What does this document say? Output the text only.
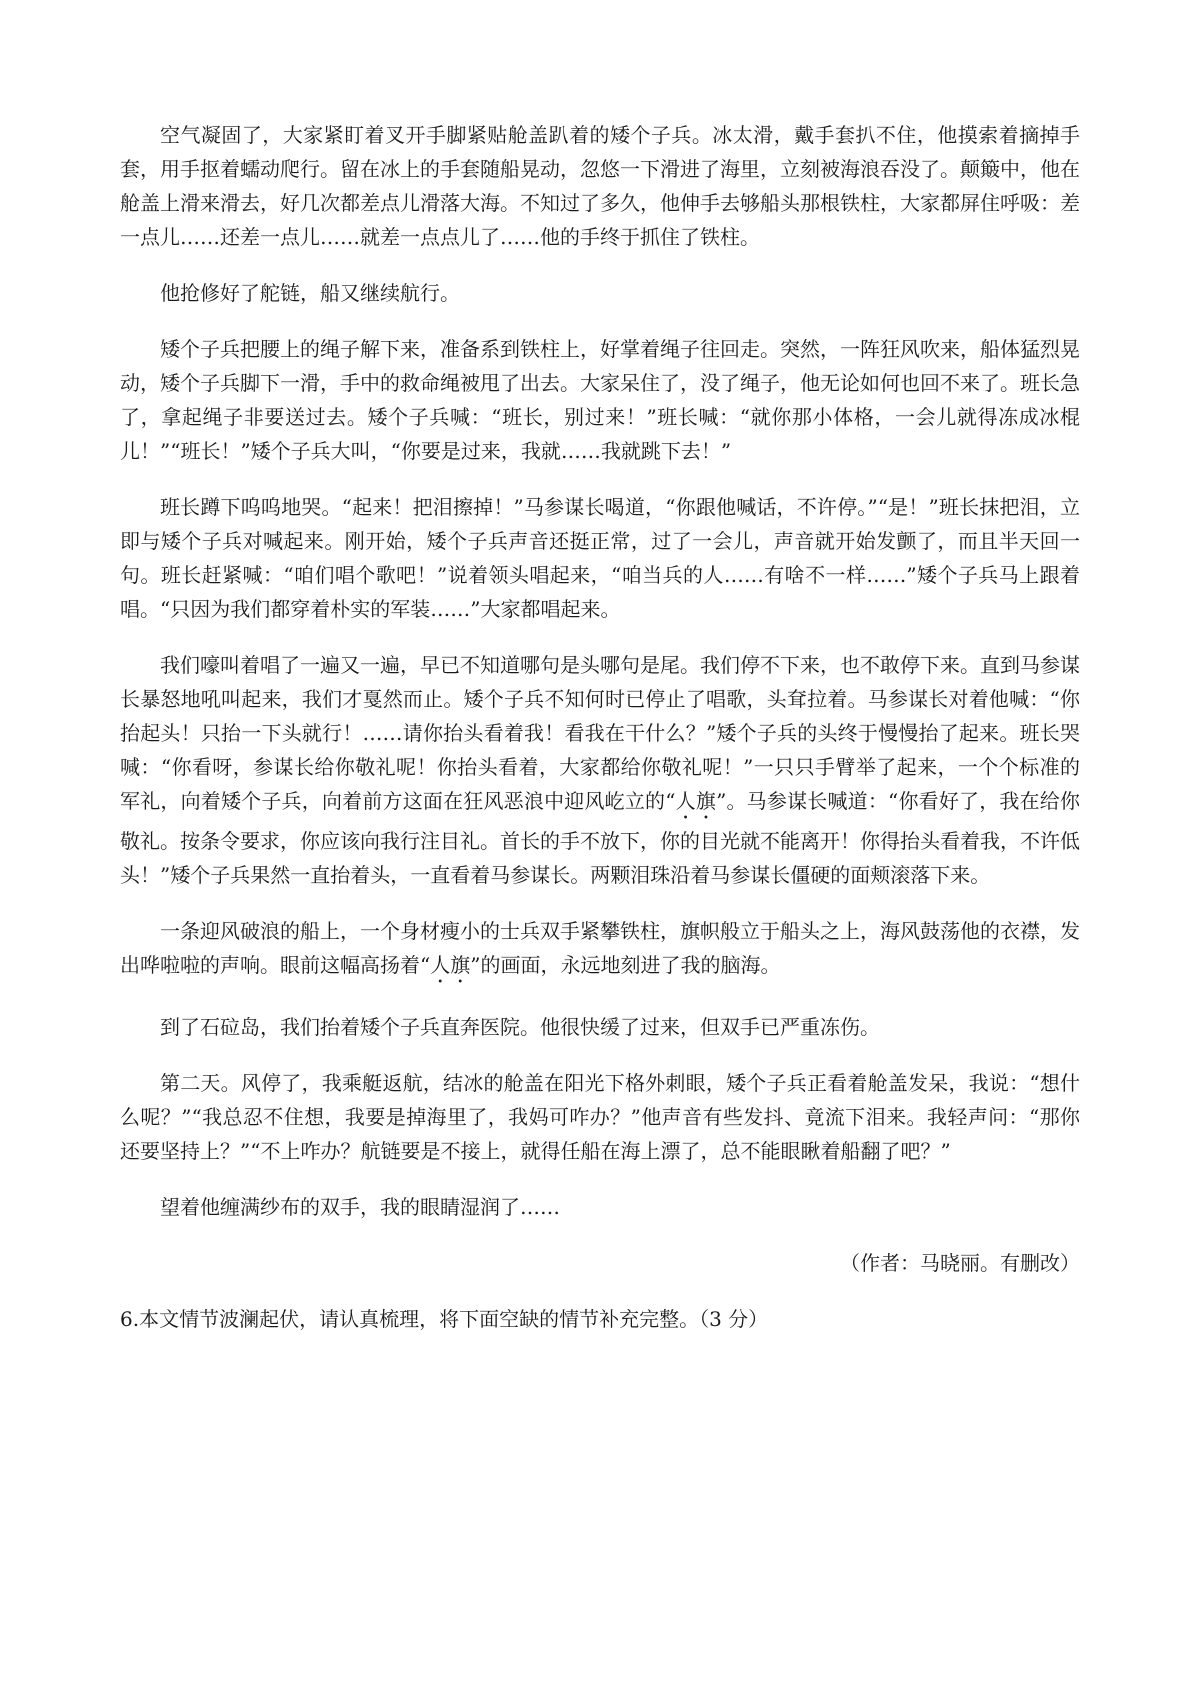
空气凝固了，大家紧盯着叉开手脚紧贴舱盖趴着的矮个子兵。冰太滑，戴手套扒不住，他摸索着摘掉手套，用手抠着蠕动爬行。留在冰上的手套随船晃动，忽悠一下滑进了海里，立刻被海浪吞没了。颠簸中，他在舱盖上滑来滑去，好几次都差点儿滑落大海。不知过了多久，他伸手去够船头那根铁柱，大家都屏住呼吸：差一点儿……还差一点儿……就差一点点儿了……他的手终于抓住了铁柱。

他抢修好了舵链，船又继续航行。

矮个子兵把腰上的绳子解下来，准备系到铁柱上，好掌着绳子往回走。突然，一阵狂风吹来，船体猛烈晃动，矮个子兵脚下一滑，手中的救命绳被甩了出去。大家呆住了，没了绳子，他无论如何也回不来了。班长急了，拿起绳子非要送过去。矮个子兵喊：“班长，别过来！”班长喊：“就你那小体格，一会儿就得冻成冰棍儿！”“班长！”矮个子兵大叫，“你要是过来，我就……我就跳下去！”

班长蹲下呜呜地哭。“起来！把泪擦掉！”马参谋长喝道，“你跟他喊话，不许停。”“是！”班长抹把泪，立即与矮个子兵对喊起来。刚开始，矮个子兵声音还挺正常，过了一会儿，声音就开始发颤了，而且半天回一句。班长赶紧喊：“咱们唱个歌吧！”说着领头唱起来，“咱当兵的人……有啥不一样……”矮个子兵马上跟着唱。“只因为我们都穿着朴实的军装……”大家都唱起来。

我们嚎叫着唱了一遍又一遍，早已不知道哪句是头哪句是尾。我们停不下来，也不敢停下来。直到马参谋长暴怒地吼叫起来，我们才戛然而止。矮个子兵不知何时已停止了唱歌，头耷拉着。马参谋长对着他喊：“你抬起头！只抬一下头就行！……请你抬头看着我！看我在干什么？”矮个子兵的头终于慢慢抬了起来。班长哭喊：“你看呀，参谋长给你敬礼呢！你抬头看着，大家都给你敬礼呢！”一只只手臂举了起来，一个个标准的军礼，向着矮个子兵，向着前方这面在狂风恶浪中迎风屹立的“人旗”。马参谋长喊道：“你看好了，我在给你敬礼。按条令要求，你应该向我行注目礼。首长的手不放下，你的目光就不能离开！你得抬头看着我，不许低头！”矮个子兵果然一直抬着头，一直看着马参谋长。两颗泪珠沿着马参谋长僵硬的面颊滚落下来。

一条迎风破浪的船上，一个身材瘦小的士兵双手紧攀铁柱，旗帜般立于船头之上，海风鼓荡他的衣襟，发出哗啦啦的声响。眼前这幅高扬着“人旗”的画面，永远地刻进了我的脑海。

到了石砬岛，我们抬着矮个子兵直奔医院。他很快缓了过来，但双手已严重冻伤。

第二天。风停了，我乘艇返航，结冰的舱盖在阳光下格外刺眼，矮个子兵正看着舱盖发呆，我说：“想什么呢？”“我总忍不住想，我要是掉海里了，我妈可咋办？”他声音有些发抖、竟流下泪来。我轻声问：“那你还要坚持上？”“不上咋办？航链要是不接上，就得任船在海上漂了，总不能眼瞅着船翻了吧？”

望着他缠满纱布的双手，我的眼睛湿润了……

（作者：马晓丽。有删改）

6.本文情节波澜起伏，请认真梳理，将下面空缺的情节补充完整。（3 分）
